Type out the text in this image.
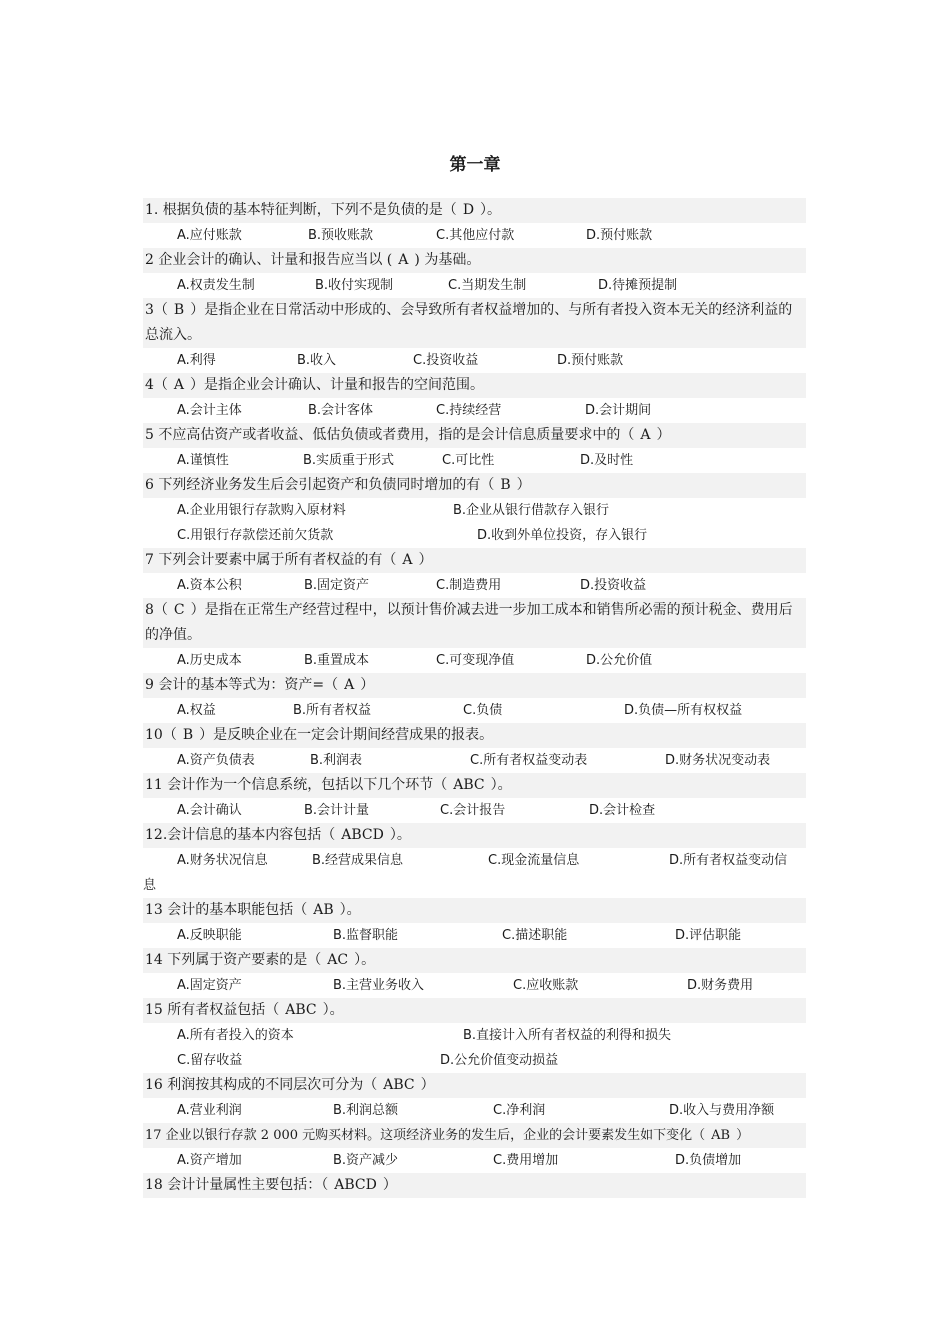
第一章

1. 根据负债的基本特征判断，下列不是负债的是（ D ）。

A.应付账款	B.预收账款	C.其他应付款	D.预付账款

2 企业会计的确认、计量和报告应当以 ( A ) 为基础。

A.权责发生制	B.收付实现制	C.当期发生制	D.待摊预提制

3（ B ）是指企业在日常活动中形成的、会导致所有者权益增加的、与所有者投入资本无关的经济利益的总流入。

A.利得	B.收入	C.投资收益	D.预付账款

4（ A ）是指企业会计确认、计量和报告的空间范围。

A.会计主体	B.会计客体	C.持续经营	D.会计期间

5 不应高估资产或者收益、低估负债或者费用，指的是会计信息质量要求中的（ A ）

A.谨慎性	B.实质重于形式	C.可比性	D.及时性

6 下列经济业务发生后会引起资产和负债同时增加的有（ B ）

A.企业用银行存款购入原材料	B.企业从银行借款存入银行
C.用银行存款偿还前欠货款	D.收到外单位投资，存入银行

7 下列会计要素中属于所有者权益的有（ A ）

A.资本公积	B.固定资产	C.制造费用	D.投资收益

8（ C ）是指在正常生产经营过程中，以预计售价减去进一步加工成本和销售所必需的预计税金、费用后的净值。

A.历史成本	B.重置成本	C.可变现净值	D.公允价值

9 会计的基本等式为：资产=（ A ）

A.权益	B.所有者权益	C.负债	D.负债—所有权权益

10（ B ）是反映企业在一定会计期间经营成果的报表。

A.资产负债表	B.利润表	C.所有者权益变动表	D.财务状况变动表

11 会计作为一个信息系统，包括以下几个环节（ ABC ）。

A.会计确认	B.会计计量	C.会计报告	D.会计检查

12.会计信息的基本内容包括（ ABCD ）。

A.财务状况信息	B.经营成果信息	C.现金流量信息	D.所有者权益变动信
息

13 会计的基本职能包括（ AB ）。

A.反映职能	B.监督职能	C.描述职能	D.评估职能

14 下列属于资产要素的是（ AC ）。

A.固定资产	B.主营业务收入	C.应收账款	D.财务费用

15 所有者权益包括（ ABC ）。

A.所有者投入的资本	B.直接计入所有者权益的利得和损失
C.留存收益	D.公允价值变动损益

16 利润按其构成的不同层次可分为（ ABC ）

A.营业利润	B.利润总额	C.净利润	D.收入与费用净额

17 企业以银行存款 2 000 元购买材料。这项经济业务的发生后，企业的会计要素发生如下变化（ AB ）

A.资产增加	B.资产减少	C.费用增加	D.负债增加

18 会计计量属性主要包括：（ ABCD ）
